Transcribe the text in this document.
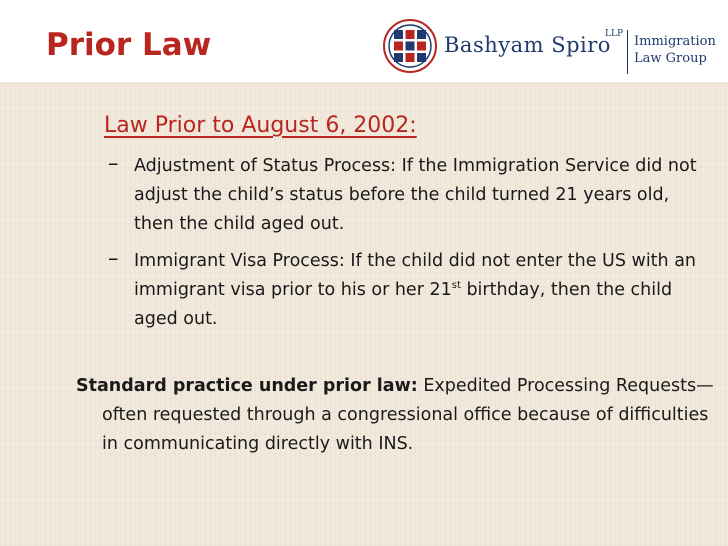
Prior Law	Bashyam Spiro
LLP Immigration
Law Group
Law Prior to August 6, 2002:
– Adjustment of Status Process: If the Immigration Service did not adjust the child’s status before the child turned 21 years old, then the child aged out.
– Immigrant Visa Process: If the child did not enter the US with an immigrant visa prior to his or her 21st birthday, then the child aged out.
Standard practice under prior law: Expedited Processing Requests—often requested through a congressional office because of difficulties in communicating directly with INS.
